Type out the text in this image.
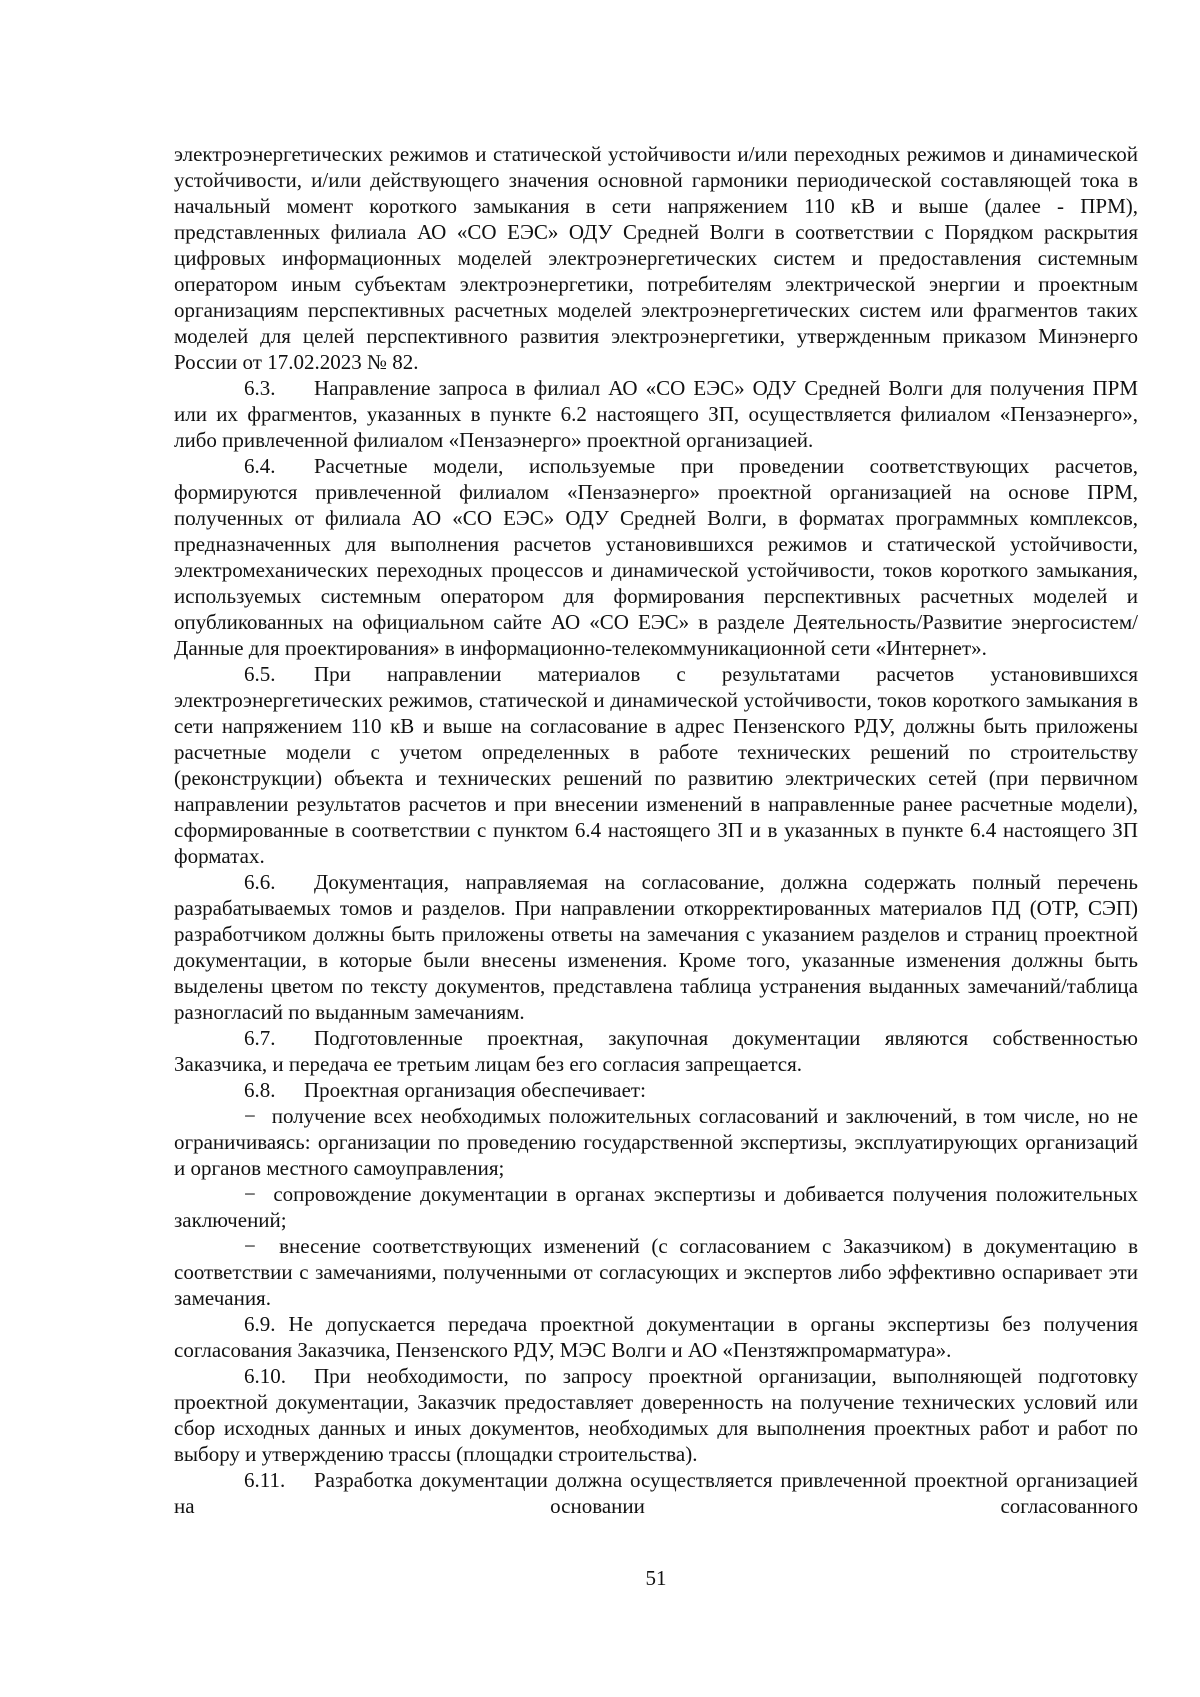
электроэнергетических режимов и статической устойчивости и/или переходных режимов и динамической устойчивости, и/или действующего значения основной гармоники периодической составляющей тока в начальный момент короткого замыкания в сети напряжением 110 кВ и выше (далее - ПРМ), представленных филиала АО «СО ЕЭС» ОДУ Средней Волги в соответствии с Порядком раскрытия цифровых информационных моделей электроэнергетических систем и предоставления системным оператором иным субъектам электроэнергетики, потребителям электрической энергии и проектным организациям перспективных расчетных моделей электроэнергетических систем или фрагментов таких моделей для целей перспективного развития электроэнергетики, утвержденным приказом Минэнерго России от 17.02.2023 № 82.

6.3. Направление запроса в филиал АО «СО ЕЭС» ОДУ Средней Волги для получения ПРМ или их фрагментов, указанных в пункте 6.2 настоящего ЗП, осуществляется филиалом «Пензаэнерго», либо привлеченной филиалом «Пензаэнерго» проектной организацией.

6.4. Расчетные модели, используемые при проведении соответствующих расчетов, формируются привлеченной филиалом «Пензаэнерго» проектной организацией на основе ПРМ, полученных от филиала АО «СО ЕЭС» ОДУ Средней Волги, в форматах программных комплексов, предназначенных для выполнения расчетов установившихся режимов и статической устойчивости, электромеханических переходных процессов и динамической устойчивости, токов короткого замыкания, используемых системным оператором для формирования перспективных расчетных моделей и опубликованных на официальном сайте АО «СО ЕЭС» в разделе Деятельность/Развитие энергосистем/Данные для проектирования» в информационно-телекоммуникационной сети «Интернет».

6.5. При направлении материалов с результатами расчетов установившихся электроэнергетических режимов, статической и динамической устойчивости, токов короткого замыкания в сети напряжением 110 кВ и выше на согласование в адрес Пензенского РДУ, должны быть приложены расчетные модели с учетом определенных в работе технических решений по строительству (реконструкции) объекта и технических решений по развитию электрических сетей (при первичном направлении результатов расчетов и при внесении изменений в направленные ранее расчетные модели), сформированные в соответствии с пунктом 6.4 настоящего ЗП и в указанных в пункте 6.4 настоящего ЗП форматах.

6.6. Документация, направляемая на согласование, должна содержать полный перечень разрабатываемых томов и разделов. При направлении откорректированных материалов ПД (ОТР, СЭП) разработчиком должны быть приложены ответы на замечания с указанием разделов и страниц проектной документации, в которые были внесены изменения. Кроме того, указанные изменения должны быть выделены цветом по тексту документов, представлена таблица устранения выданных замечаний/таблица разногласий по выданным замечаниям.

6.7. Подготовленные проектная, закупочная документации являются собственностью Заказчика, и передача ее третьим лицам без его согласия запрещается.

6.8. Проектная организация обеспечивает:

− получение всех необходимых положительных согласований и заключений, в том числе, но не ограничиваясь: организации по проведению государственной экспертизы, эксплуатирующих организаций и органов местного самоуправления;

− сопровождение документации в органах экспертизы и добивается получения положительных заключений;

− внесение соответствующих изменений (с согласованием с Заказчиком) в документацию в соответствии с замечаниями, полученными от согласующих и экспертов либо эффективно оспаривает эти замечания.

6.9. Не допускается передача проектной документации в органы экспертизы без получения согласования Заказчика, Пензенского РДУ, МЭС Волги и АО «Пензтяжпромарматура».

6.10. При необходимости, по запросу проектной организации, выполняющей подготовку проектной документации, Заказчик предоставляет доверенность на получение технических условий или сбор исходных данных и иных документов, необходимых для выполнения проектных работ и работ по выбору и утверждению трассы (площадки строительства).

6.11. Разработка документации должна осуществляется привлеченной проектной организацией на основании согласованного

51
